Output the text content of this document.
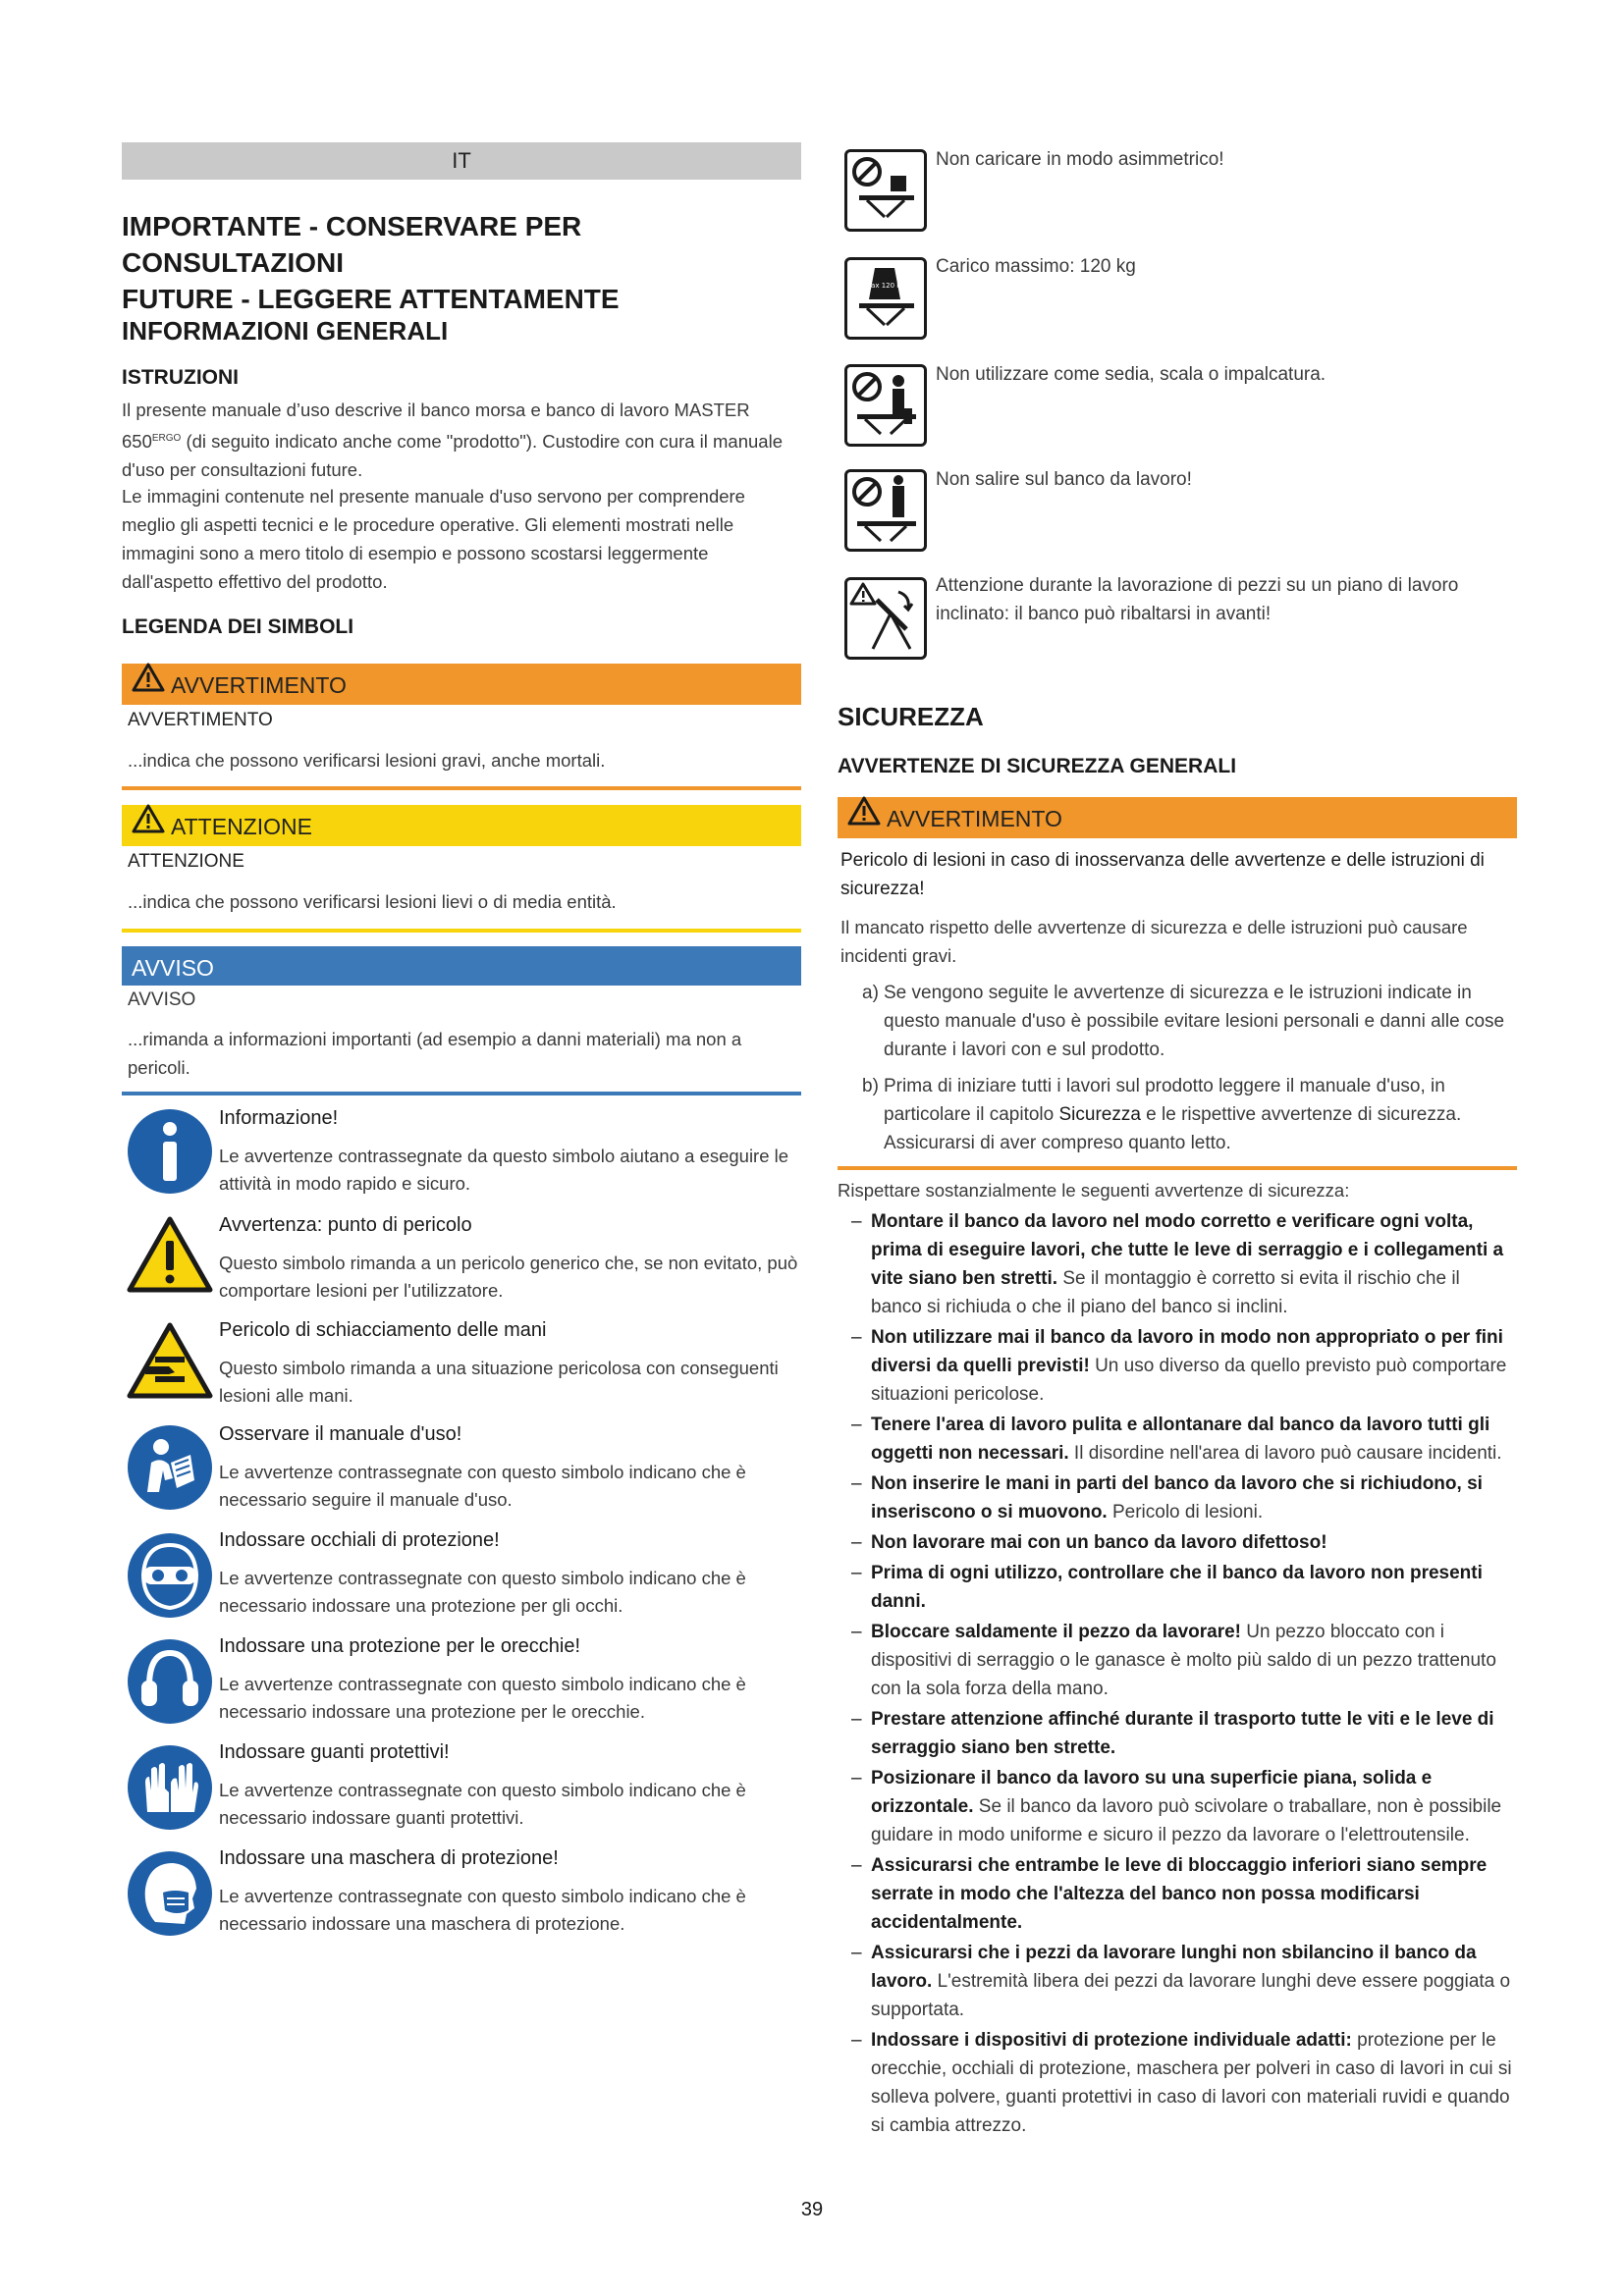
IT
IMPORTANTE - CONSERVARE PER CONSULTAZIONI
FUTURE - LEGGERE ATTENTAMENTE
INFORMAZIONI GENERALI
ISTRUZIONI
Il presente manuale d’uso descrive il banco morsa e banco di lavoro MASTER $650^{ERGO}$ (di seguito indicato anche come "prodotto"). Custodire con cura il manuale d'uso per consultazioni future.
Le immagini contenute nel presente manuale d'uso servono per comprendere meglio gli aspetti tecnici e le procedure operative. Gli elementi mostrati nelle immagini sono a mero titolo di esempio e possono scostarsi leggermente dall'aspetto effettivo del prodotto.
LEGENDA DEI SIMBOLI
AVVERTIMENTO
AVVERTIMENTO
...indica che possono verificarsi lesioni gravi, anche mortali.
ATTENZIONE
ATTENZIONE
...indica che possono verificarsi lesioni lievi o di media entità.
AVVISO
AVVISO
...rimanda a informazioni importanti (ad esempio a danni materiali) ma non a pericoli.
Informazione!
Le avvertenze contrassegnate da questo simbolo aiutano a eseguire le attività in modo rapido e sicuro.
Avvertenza: punto di pericolo
Questo simbolo rimanda a un pericolo generico che, se non evitato, può comportare lesioni per l'utilizzatore.
Pericolo di schiacciamento delle mani
Questo simbolo rimanda a una situazione pericolosa con conseguenti lesioni alle mani.
Osservare il manuale d'uso!
Le avvertenze contrassegnate con questo simbolo indicano che è necessario seguire il manuale d'uso.
Indossare occhiali di protezione!
Le avvertenze contrassegnate con questo simbolo indicano che è necessario indossare una protezione per gli occhi.
Indossare una protezione per le orecchie!
Le avvertenze contrassegnate con questo simbolo indicano che è necessario indossare una protezione per le orecchie.
Indossare guanti protettivi!
Le avvertenze contrassegnate con questo simbolo indicano che è necessario indossare guanti protettivi.
Indossare una maschera di protezione!
Le avvertenze contrassegnate con questo simbolo indicano che è necessario indossare una maschera di protezione.
Non caricare in modo asimmetrico!
max 120 kg
Carico massimo: 120 kg
Non utilizzare come sedia, scala o impalcatura.
Non salire sul banco da lavoro!
Attenzione durante la lavorazione di pezzi su un piano di lavoro inclinato: il banco può ribaltarsi in avanti!
SICUREZZA
AVVERTENZE DI SICUREZZA GENERALI
AVVERTIMENTO
Pericolo di lesioni in caso di inosservanza delle avvertenze e delle istruzioni di sicurezza!
Il mancato rispetto delle avvertenze di sicurezza e delle istruzioni può causare incidenti gravi.
a) Se vengono seguite le avvertenze di sicurezza e le istruzioni indicate in questo manuale d'uso è possibile evitare lesioni personali e danni alle cose durante i lavori con e sul prodotto.
b) Prima di iniziare tutti i lavori sul prodotto leggere il manuale d'uso, in particolare il capitolo Sicurezza e le rispettive avvertenze di sicurezza. Assicurarsi di aver compreso quanto letto.
Rispettare sostanzialmente le seguenti avvertenze di sicurezza:
– Montare il banco da lavoro nel modo corretto e verificare ogni volta, prima di eseguire lavori, che tutte le leve di serraggio e i collegamenti a vite siano ben stretti. Se il montaggio è corretto si evita il rischio che il banco si richiuda o che il piano del banco si inclini.
– Non utilizzare mai il banco da lavoro in modo non appropriato o per fini diversi da quelli previsti! Un uso diverso da quello previsto può comportare situazioni pericolose.
– Tenere l'area di lavoro pulita e allontanare dal banco da lavoro tutti gli oggetti non necessari. Il disordine nell'area di lavoro può causare incidenti.
– Non inserire le mani in parti del banco da lavoro che si richiudono, si inseriscono o si muovono. Pericolo di lesioni.
– Non lavorare mai con un banco da lavoro difettoso!
– Prima di ogni utilizzo, controllare che il banco da lavoro non presenti danni.
– Bloccare saldamente il pezzo da lavorare! Un pezzo bloccato con i dispositivi di serraggio o le ganasce è molto più saldo di un pezzo trattenuto con la sola forza della mano.
– Prestare attenzione affinché durante il trasporto tutte le viti e le leve di serraggio siano ben strette.
– Posizionare il banco da lavoro su una superficie piana, solida e orizzontale. Se il banco da lavoro può scivolare o traballare, non è possibile guidare in modo uniforme e sicuro il pezzo da lavorare o l'elettroutensile.
– Assicurarsi che entrambe le leve di bloccaggio inferiori siano sempre serrate in modo che l'altezza del banco non possa modificarsi accidentalmente.
– Assicurarsi che i pezzi da lavorare lunghi non sbilancino il banco da lavoro. L'estremità libera dei pezzi da lavorare lunghi deve essere poggiata o supportata.
– Indossare i dispositivi di protezione individuale adatti: protezione per le orecchie, occhiali di protezione, maschera per polveri in caso di lavori in cui si solleva polvere, guanti protettivi in caso di lavori con materiali ruvidi e quando si cambia attrezzo.
39
